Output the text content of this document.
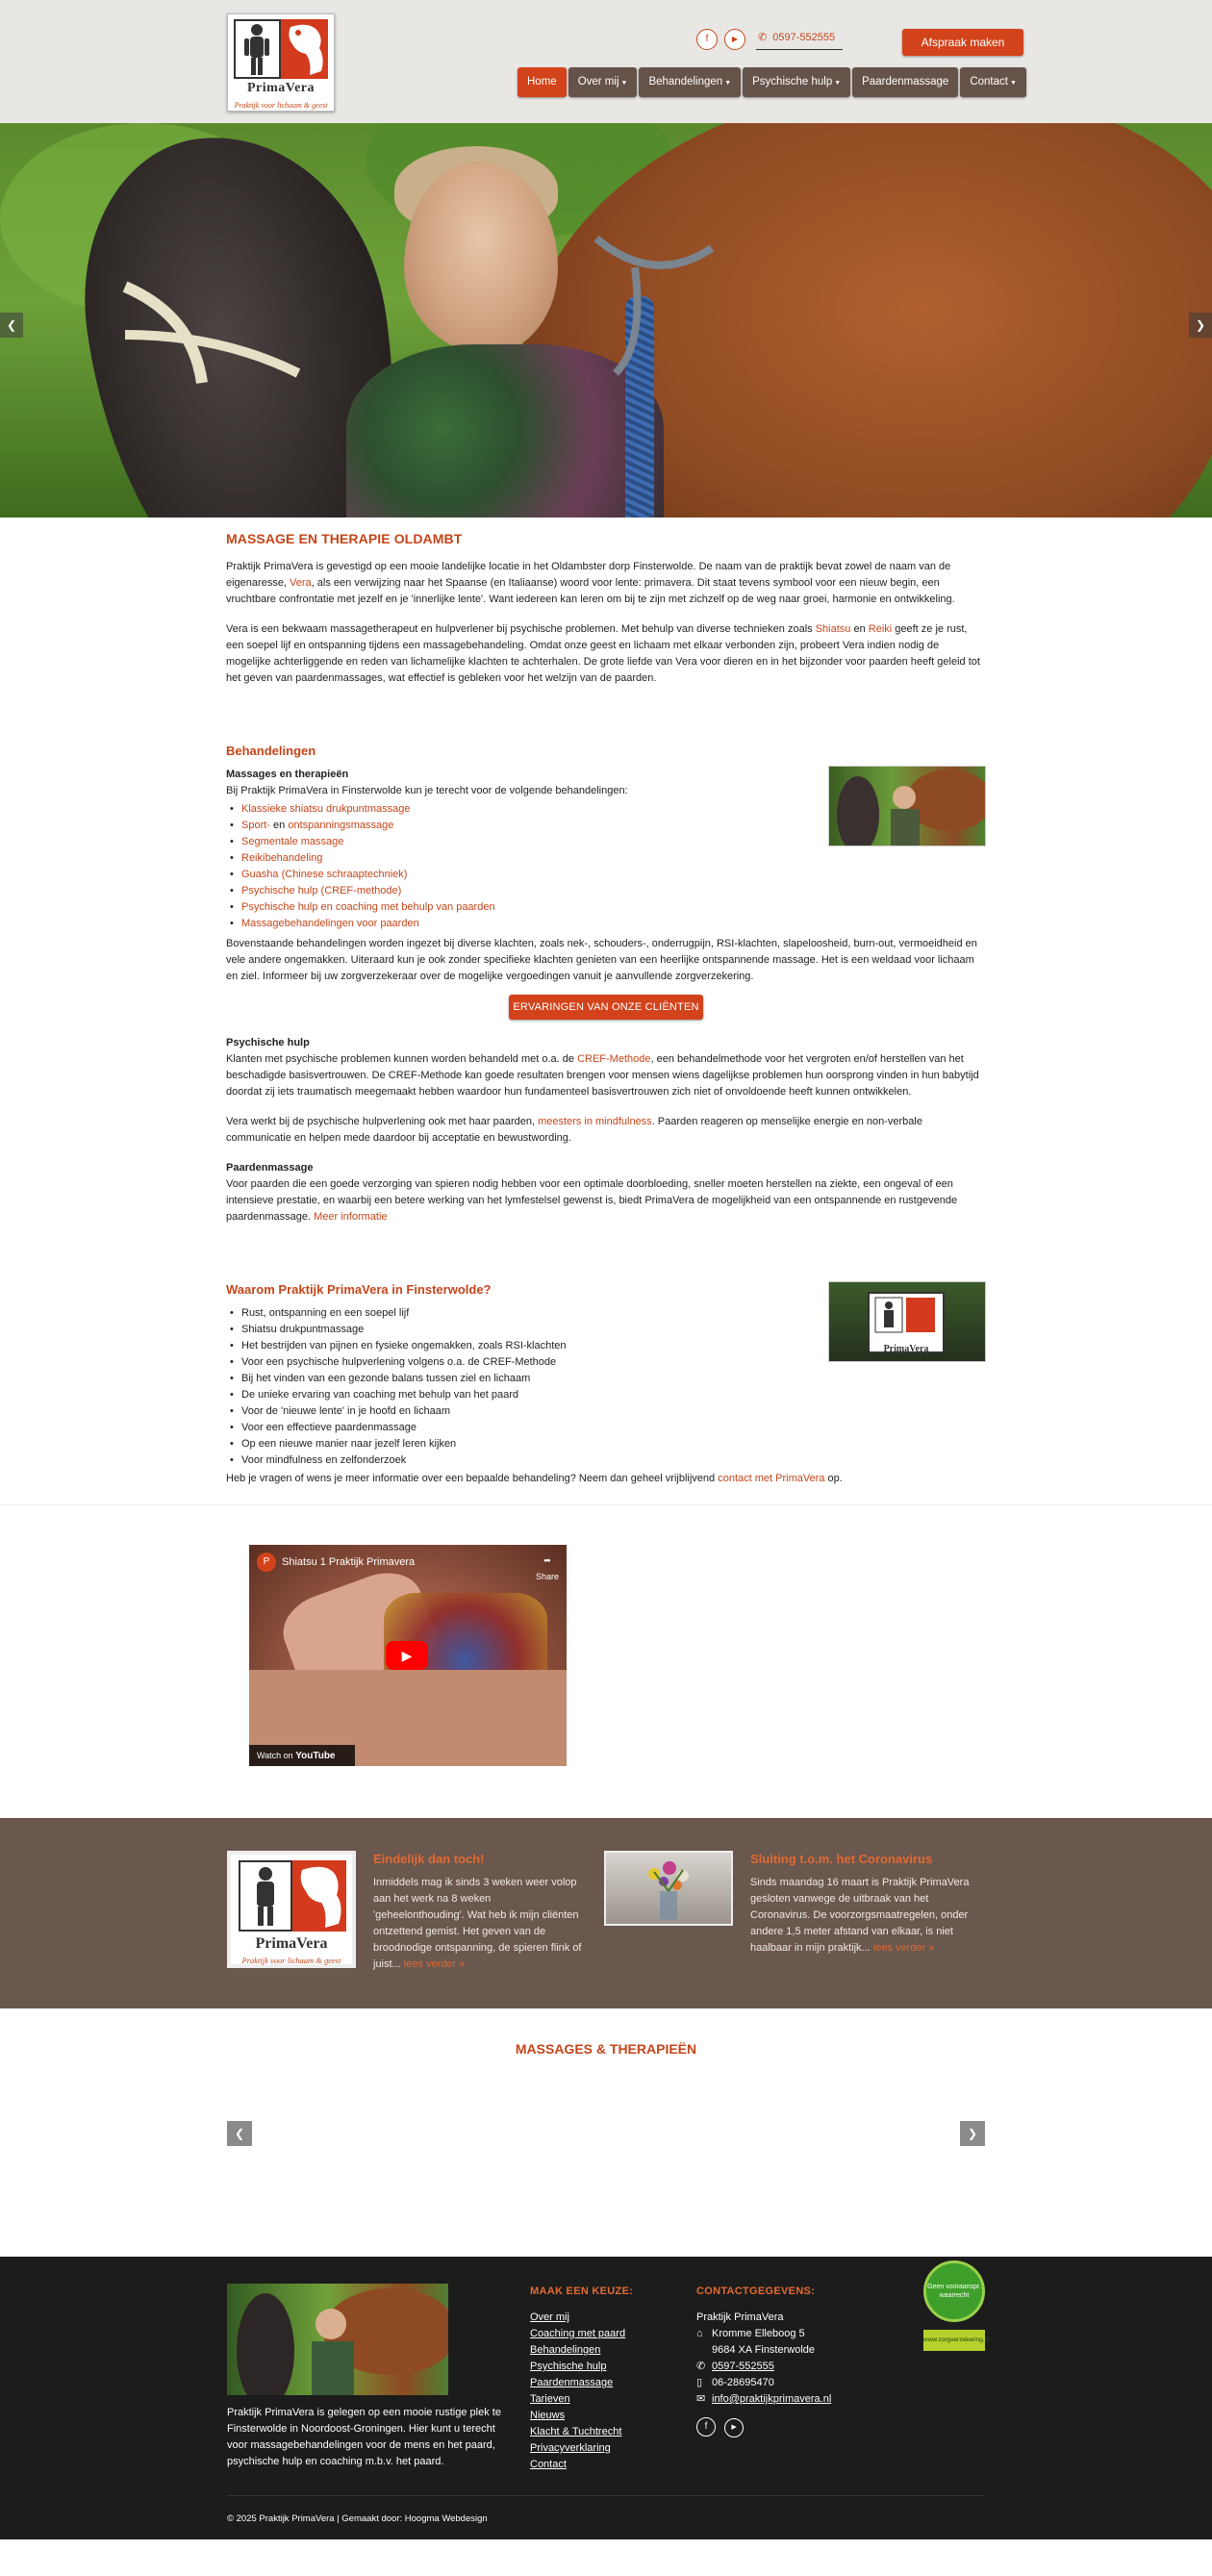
PrimaVera
Praktijk voor lichaam & geest
f	▶	✆ 0597-552555	Afspraak maken
Home	Over mij ▼	Behandelingen ▼	Psychische hulp ▼	Paardenmassage	Contact ▼
❮	❯
MASSAGE EN THERAPIE OLDAMBT

Praktijk PrimaVera is gevestigd op een mooie landelijke locatie in het Oldambster dorp Finsterwolde. De naam van de praktijk bevat zowel de naam van de eigenaresse, Vera, als een verwijzing naar het Spaanse (en Italiaanse) woord voor lente: primavera. Dit staat tevens symbool voor een nieuw begin, een vruchtbare confrontatie met jezelf en je 'innerlijke lente'. Want iedereen kan leren om bij te zijn met zichzelf op de weg naar groei, harmonie en ontwikkeling.

Vera is een bekwaam massagetherapeut en hulpverlener bij psychische problemen. Met behulp van diverse technieken zoals Shiatsu en Reiki geeft ze je rust, een soepel lijf en ontspanning tijdens een massagebehandeling. Omdat onze geest en lichaam met elkaar verbonden zijn, probeert Vera indien nodig de mogelijke achterliggende en reden van lichamelijke klachten te achterhalen. De grote liefde van Vera voor dieren en in het bijzonder voor paarden heeft geleid tot het geven van paardenmassages, wat effectief is gebleken voor het welzijn van de paarden.

Behandelingen
Massages en therapieën
Bij Praktijk PrimaVera in Finsterwolde kun je terecht voor de volgende behandelingen:
• Klassieke shiatsu drukpuntmassage
• Sport- en ontspanningsmassage
• Segmentale massage
• Reikibehandeling
• Guasha (Chinese schraaptechniek)
• Psychische hulp (CREF-methode)
• Psychische hulp en coaching met behulp van paarden
• Massagebehandelingen voor paarden

Bovenstaande behandelingen worden ingezet bij diverse klachten, zoals nek-, schouders-, onderrugpijn, RSI-klachten, slapeloosheid, burn-out, vermoeidheid en vele andere ongemakken. Uiteraard kun je ook zonder specifieke klachten genieten van een heerlijke ontspannende massage. Het is een weldaad voor lichaam en ziel. Informeer bij uw zorgverzekeraar over de mogelijke vergoedingen vanuit je aanvullende zorgverzekering.

ERVARINGEN VAN ONZE CLIËNTEN
Psychische hulp

Klanten met psychische problemen kunnen worden behandeld met o.a. de CREF-Methode, een behandelmethode voor het vergroten en/of herstellen van het beschadigde basisvertrouwen. De CREF-Methode kan goede resultaten brengen voor mensen wiens dagelijkse problemen hun oorsprong vinden in hun babytijd doordat zij iets traumatisch meegemaakt hebben waardoor hun fundamenteel basisvertrouwen zich niet of onvoldoende heeft kunnen ontwikkelen.

Vera werkt bij de psychische hulpverlening ook met haar paarden, meesters in mindfulness. Paarden reageren op menselijke energie en non-verbale communicatie en helpen mede daardoor bij acceptatie en bewustwording.

Paardenmassage

Voor paarden die een goede verzorging van spieren nodig hebben voor een optimale doorbloeding, sneller moeten herstellen na ziekte, een ongeval of een intensieve prestatie, en waarbij een betere werking van het lymfestelsel gewenst is, biedt PrimaVera de mogelijkheid van een ontspannende en rustgevende paardenmassage. Meer informatie

Waarom Praktijk PrimaVera in Finsterwolde?
PrimaVera
• Rust, ontspanning en een soepel lijf
• Shiatsu drukpuntmassage
• Het bestrijden van pijnen en fysieke ongemakken, zoals RSI-klachten
• Voor een psychische hulpverlening volgens o.a. de CREF-Methode
• Bij het vinden van een gezonde balans tussen ziel en lichaam
• De unieke ervaring van coaching met behulp van het paard
• Voor de 'nieuwe lente' in je hoofd en lichaam
• Voor een effectieve paardenmassage
• Op een nieuwe manier naar jezelf leren kijken
• Voor mindfulness en zelfonderzoek

Heb je vragen of wens je meer informatie over een bepaalde behandeling? Neem dan geheel vrijblijvend contact met PrimaVera op.

P	Shiatsu 1 Praktijk Primavera	➦
Share
▶
Watch on YouTube
PrimaVera
Praktijk voor lichaam & geest
Eindelijk dan toch!
Inmiddels mag ik sinds 3 weken weer volop aan het werk na 8 weken 'geheelonthouding'. Wat heb ik mijn cliënten ontzettend gemist. Het geven van de broodnodige ontspanning, de spieren flink of juist... lees verder »
Sluiting t.o.m. het Coronavirus
Sinds maandag 16 maart is Praktijk PrimaVera gesloten vanwege de uitbraak van het Coronavirus. De voorzorgsmaatregelen, onder andere 1,5 meter afstand van elkaar, is niet haalbaar in mijn praktijk... lees verder »
MASSAGES & THERAPIEËN
❮	❯
Praktijk PrimaVera is gelegen op een mooie rustige plek te Finsterwolde in Noordoost-Groningen. Hier kunt u terecht voor massagebehandelingen voor de mens en het paard, psychische hulp en coaching m.b.v. het paard.
MAAK EEN KEUZE:
Over mij
Coaching met paard
Behandelingen
Psychische hulp
Paardenmassage
Tarieven
Nieuws
Klacht & Tuchtrecht
Privacyverklaring
Contact
CONTACTGEGEVENS:
Praktijk PrimaVera
⌂ Kromme Elleboog 5
9684 XA Finsterwolde
✆ 0597-552555
▯ 06-28695470
✉ info@praktijkprimavera.nl
f	▶
Geen vooraanspr. waarrecht
www.zorgverzekering.nl
© 2025 Praktijk PrimaVera | Gemaakt door: Hoogma Webdesign
